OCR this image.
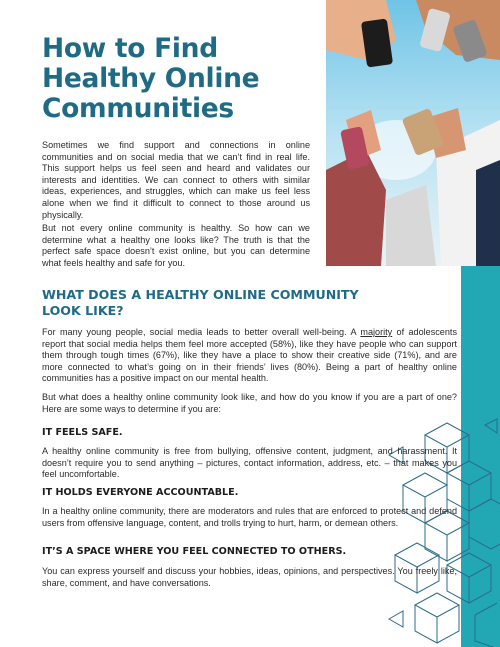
How to Find
Healthy Online
Communities

Sometimes we find support and connections in online communities and on social media that we can’t find in real life. This support helps us feel seen and heard and validates our interests and identities. We can connect to others with similar ideas, experiences, and struggles, which can make us feel less alone when we find it difficult to connect to those around us physically.

But not every online community is healthy. So how can we determine what a healthy one looks like? The truth is that the perfect safe space doesn’t exist online, but you can determine what feels healthy and safe for you.

WHAT DOES A HEALTHY ONLINE COMMUNITY LOOK LIKE?

For many young people, social media leads to better overall well-being. A majority of adolescents report that social media helps them feel more accepted (58%), like they have people who can support them through tough times (67%), like they have a place to show their creative side (71%), and are more connected to what’s going on in their friends’ lives (80%). Being a part of healthy online communities has a positive impact on our mental health.

But what does a healthy online community look like, and how do you know if you are a part of one? Here are some ways to determine if you are:

IT FEELS SAFE.

A healthy online community is free from bullying, offensive content, judgment, and harassment. It doesn’t require you to send anything – pictures, contact information, address, etc. – that makes you feel uncomfortable.

IT HOLDS EVERYONE ACCOUNTABLE.

In a healthy online community, there are moderators and rules that are enforced to protect and defend users from offensive language, content, and trolls trying to hurt, harm, or demean others.

IT’S A SPACE WHERE YOU FEEL CONNECTED TO OTHERS.

You can express yourself and discuss your hobbies, ideas, opinions, and perspectives. You freely like, share, comment, and have conversations.
